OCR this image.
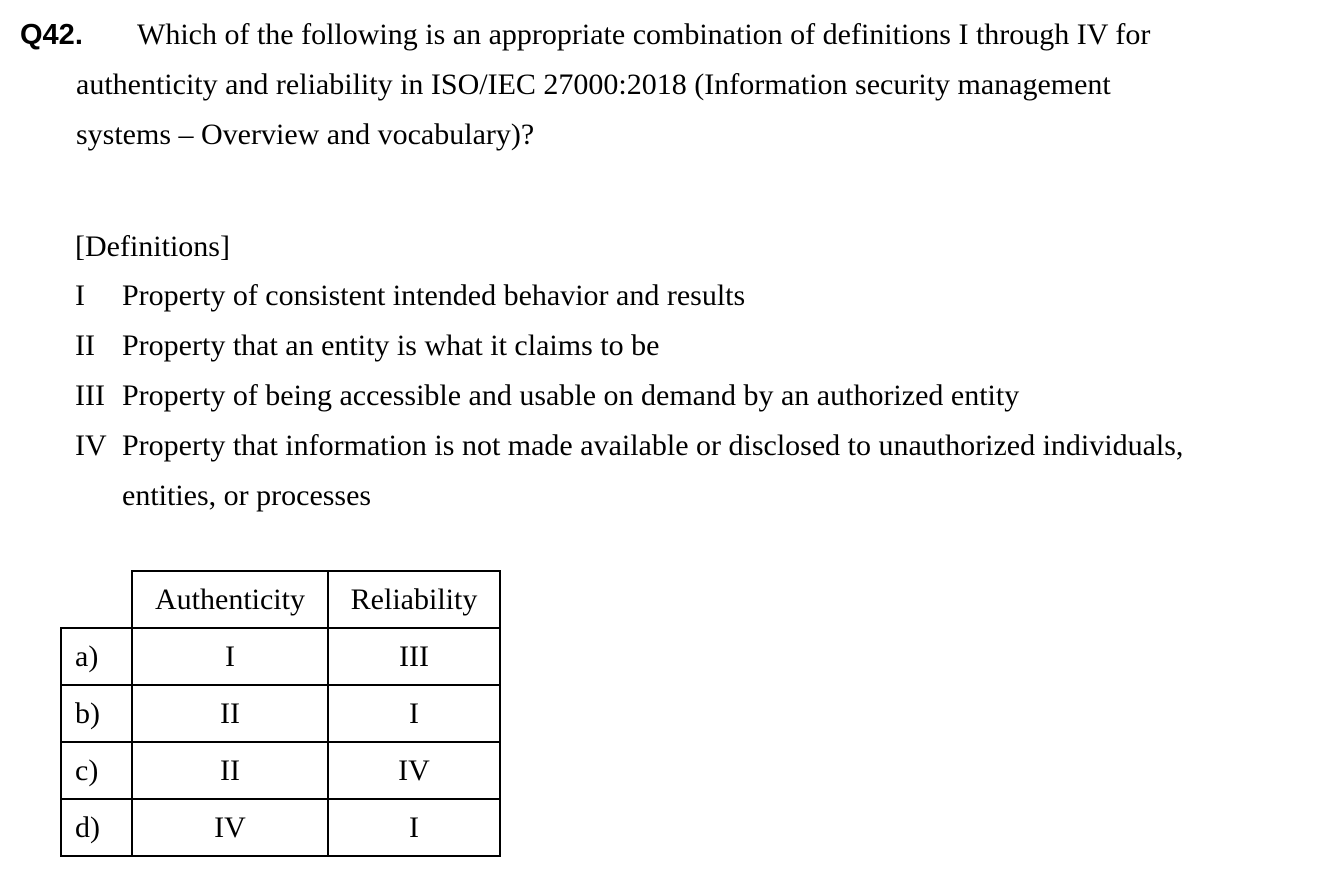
Q42. Which of the following is an appropriate combination of definitions I through IV for
authenticity and reliability in ISO/IEC 27000:2018 (Information security management
systems – Overview and vocabulary)?
[Definitions]
I Property of consistent intended behavior and results
II Property that an entity is what it claims to be
III Property of being accessible and usable on demand by an authorized entity
IV Property that information is not made available or disclosed to unauthorized individuals,
entities, or processes
	Authenticity	Reliability
a)	I	III
b)	II	I
c)	II	IV
d)	IV	I
